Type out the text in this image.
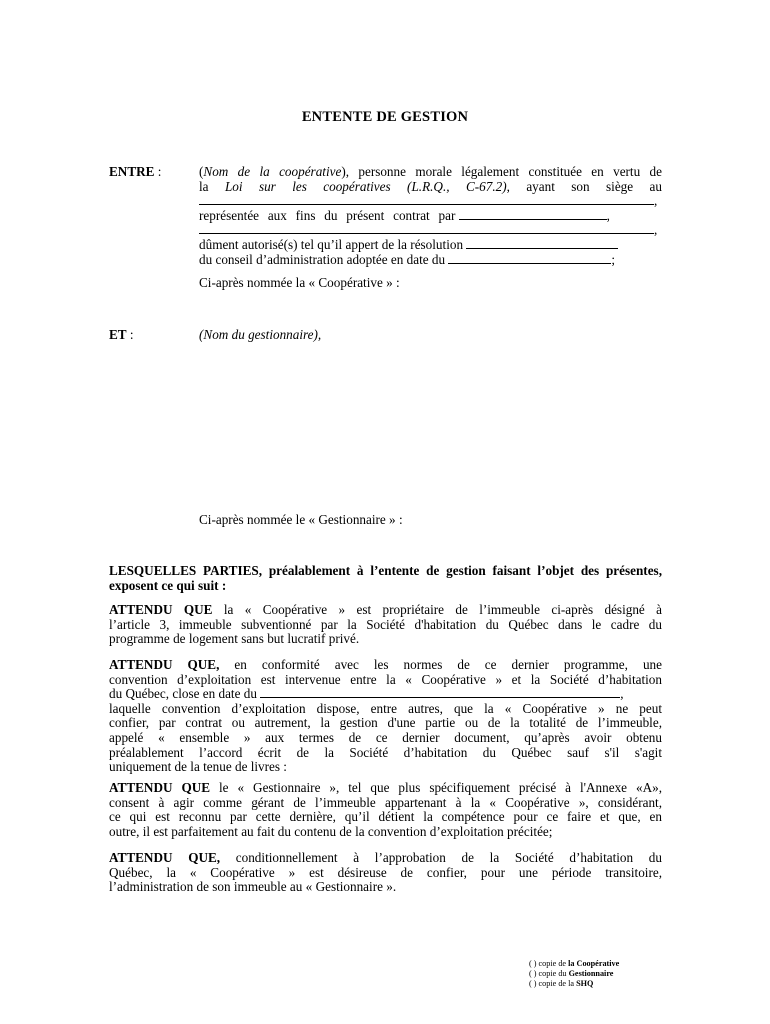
ENTENTE DE GESTION
ENTRE :	(Nom de la coopérative), personne morale légalement constituée en vertu de
la Loi sur les coopératives (L.R.Q., C-67.2), ayant son siège au
,
représentée aux fins du présent contrat par	,
,
dûment autorisé(s) tel qu’il appert de la résolution
du conseil d’administration adoptée en date du	;
Ci-après nommée la « Coopérative » :
ET :	(Nom du gestionnaire),
Ci-après nommée le « Gestionnaire » :
LESQUELLES PARTIES, préalablement à l’entente de gestion faisant l’objet des présentes, exposent ce qui suit :
ATTENDU QUE la « Coopérative » est propriétaire de l’immeuble ci-après désigné à
l’article 3, immeuble subventionné par la Société d'habitation du Québec dans le cadre du
programme de logement sans but lucratif privé.
ATTENDU QUE, en conformité avec les normes de ce dernier programme, une
convention d’exploitation est intervenue entre la « Coopérative » et la Société d’habitation
du Québec, close en date du	,
laquelle convention d’exploitation dispose, entre autres, que la « Coopérative » ne peut
confier, par contrat ou autrement, la gestion d'une partie ou de la totalité de l’immeuble,
appelé « ensemble » aux termes de ce dernier document, qu’après avoir obtenu
préalablement l’accord écrit de la Société d’habitation du Québec sauf s'il s'agit
uniquement de la tenue de livres :
ATTENDU QUE le « Gestionnaire », tel que plus spécifiquement précisé à l'Annexe «A»,
consent à agir comme gérant de l’immeuble appartenant à la « Coopérative », considérant,
ce qui est reconnu par cette dernière, qu’il détient la compétence pour ce faire et que, en
outre, il est parfaitement au fait du contenu de la convention d’exploitation précitée;
ATTENDU QUE, conditionnellement à l’approbation de la Société d’habitation du
Québec, la « Coopérative » est désireuse de confier, pour une période transitoire,
l’administration de son immeuble au « Gestionnaire ».
( ) copie de la Coopérative
( ) copie du Gestionnaire
( ) copie de la SHQ
